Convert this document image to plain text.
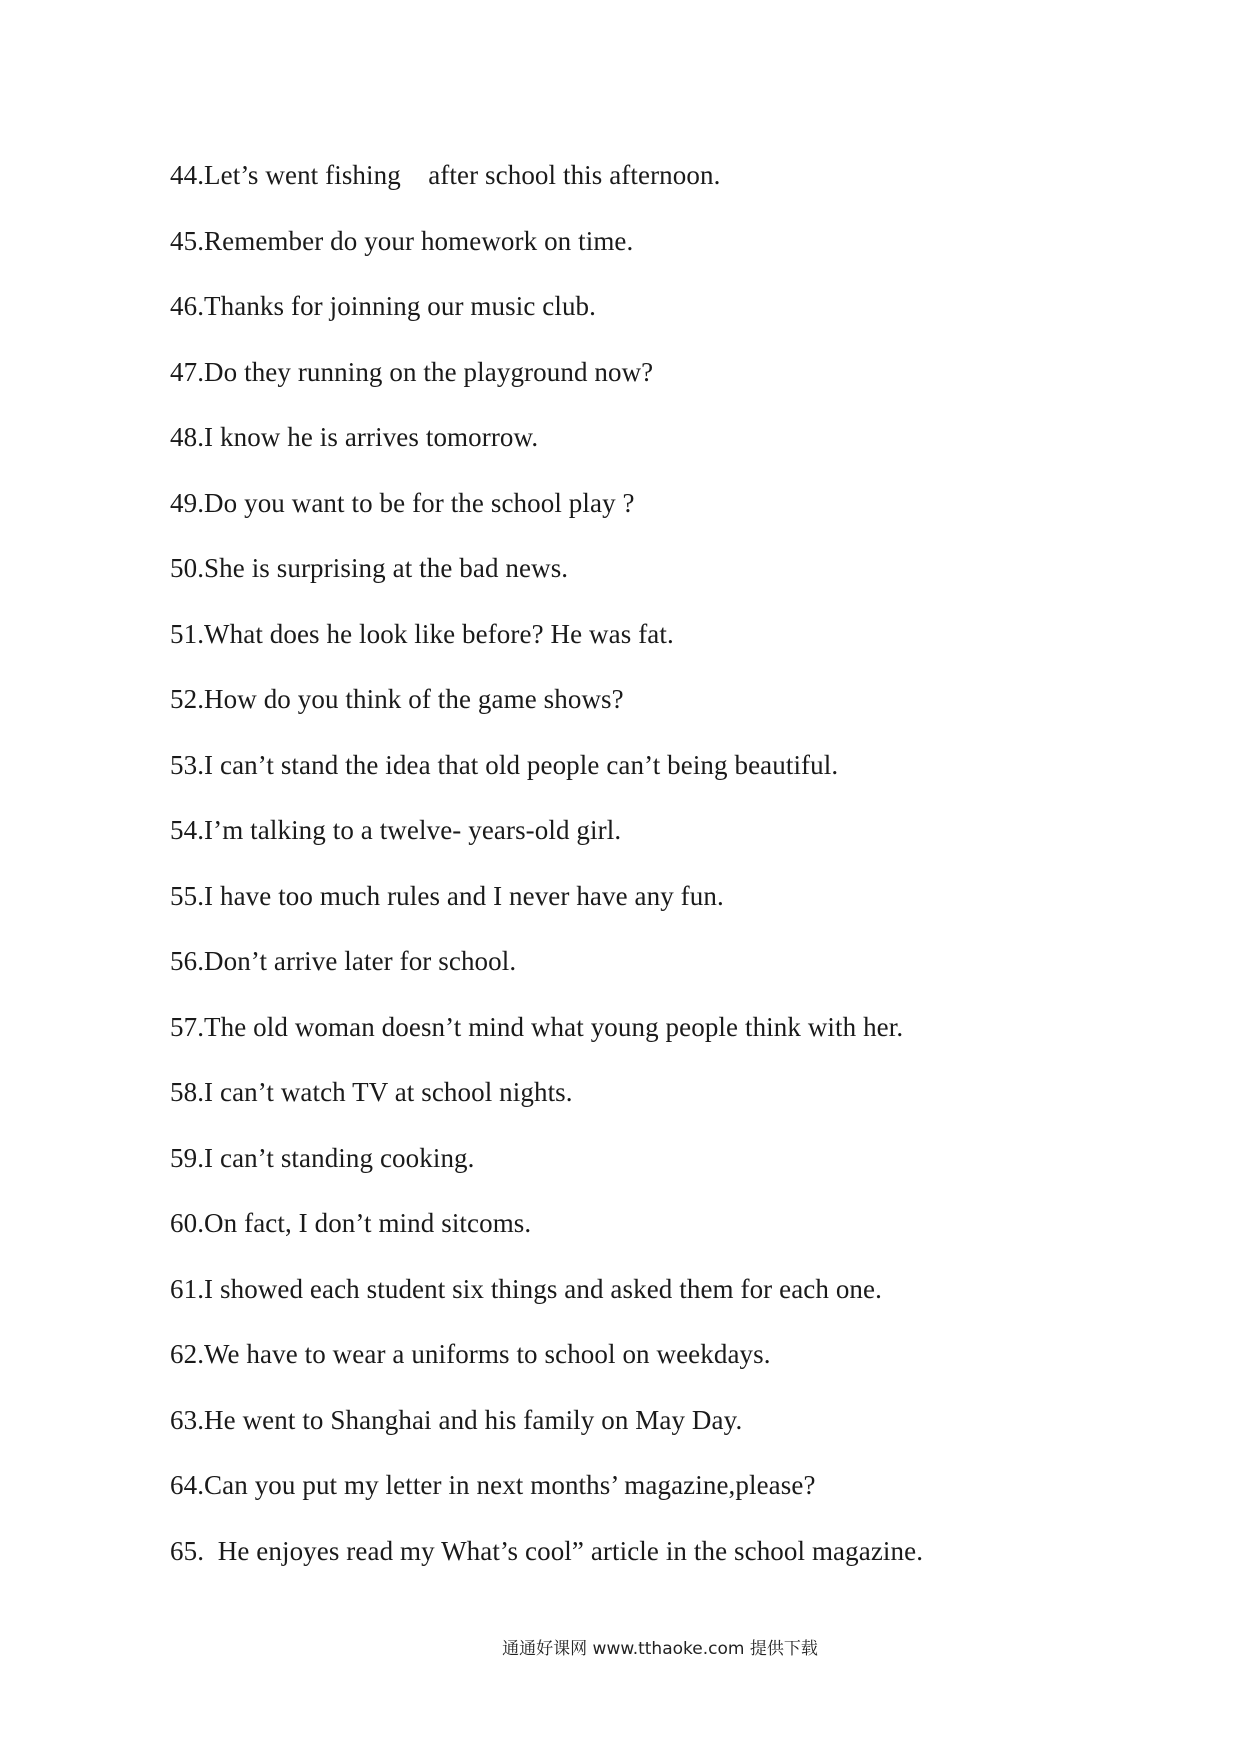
44.Let’s went fishing    after school this afternoon.
45.Remember do your homework on time.
46.Thanks for joinning our music club.
47.Do they running on the playground now?
48.I know he is arrives tomorrow.
49.Do you want to be for the school play ?
50.She is surprising at the bad news.
51.What does he look like before? He was fat.
52.How do you think of the game shows?
53.I can’t stand the idea that old people can’t being beautiful.
54.I’m talking to a twelve- years-old girl.
55.I have too much rules and I never have any fun.
56.Don’t arrive later for school.
57.The old woman doesn’t mind what young people think with her.
58.I can’t watch TV at school nights.
59.I can’t standing cooking.
60.On fact, I don’t mind sitcoms.
61.I showed each student six things and asked them for each one.
62.We have to wear a uniforms to school on weekdays.
63.He went to Shanghai and his family on May Day.
64.Can you put my letter in next months’ magazine,please?
65.  He enjoyes read my What’s cool” article in the school magazine.
通通好课网 www.tthaoke.com 提供下载
